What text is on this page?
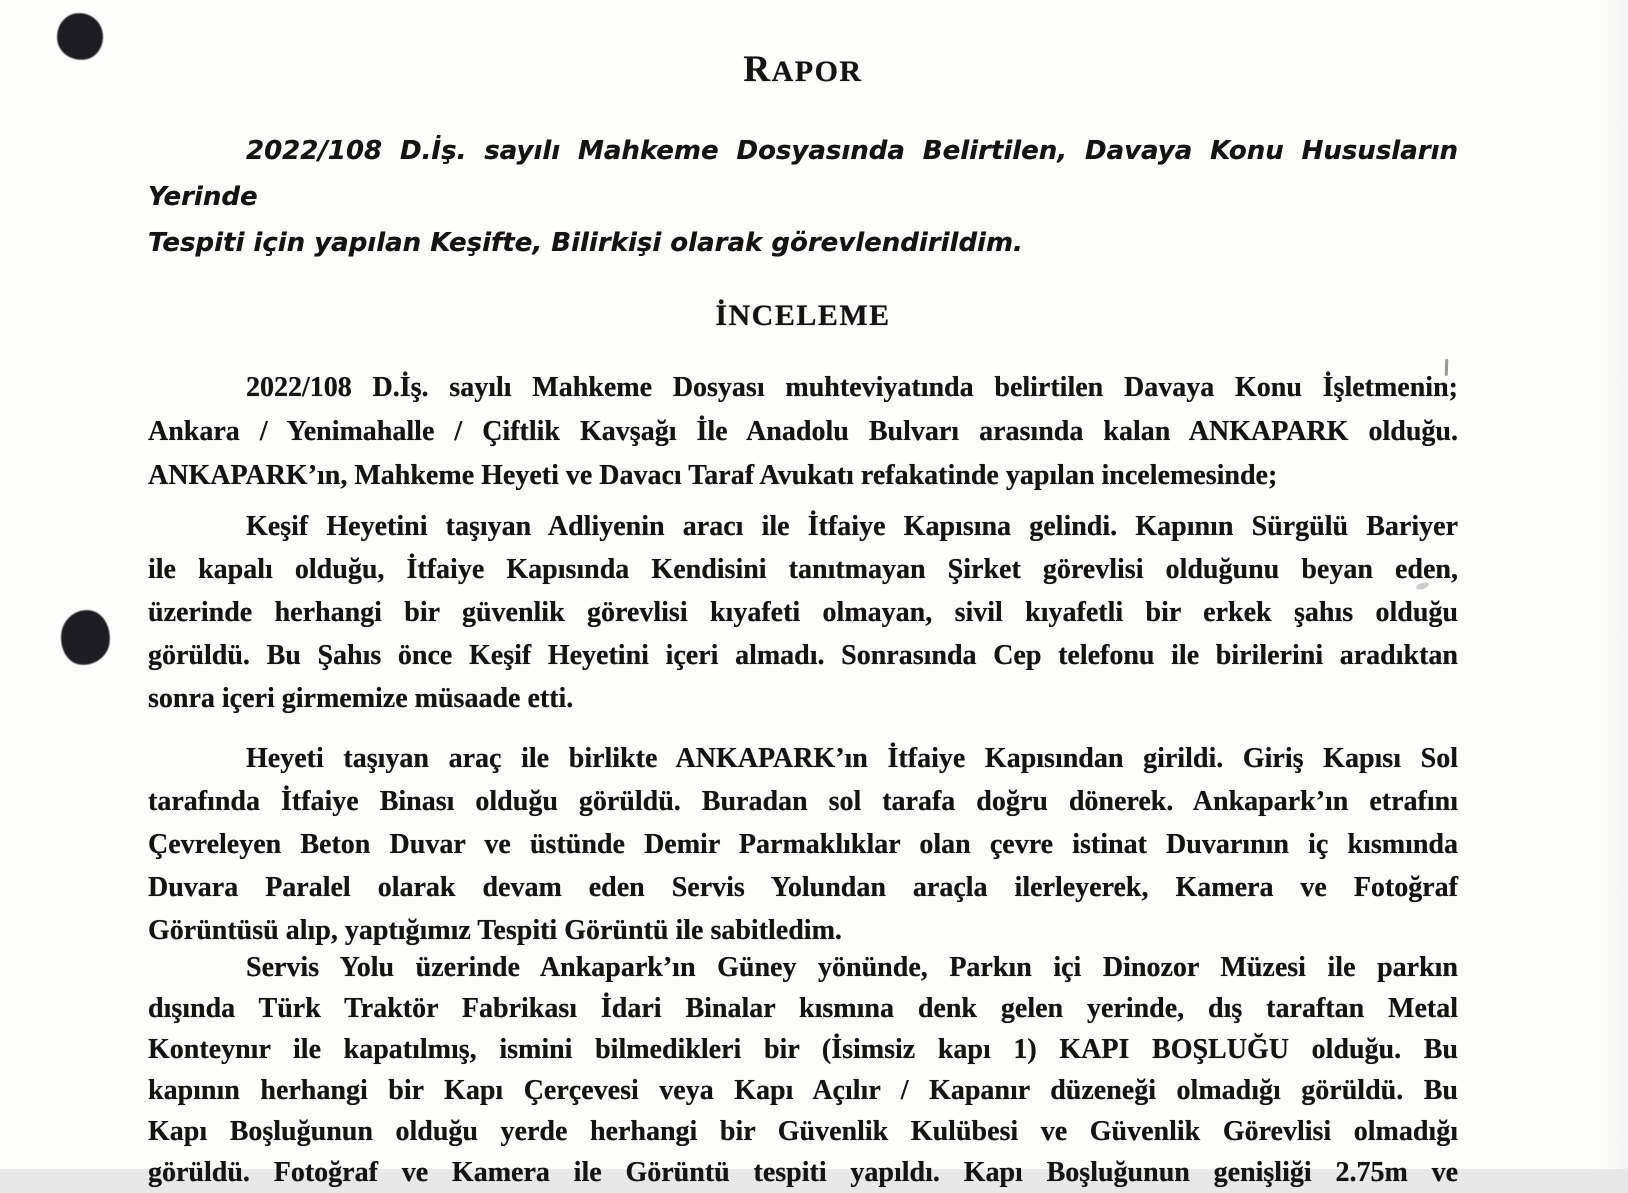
RAPOR
2022/108 D.İş. sayılı Mahkeme Dosyasında Belirtilen, Davaya Konu Hususların Yerinde
Tespiti için yapılan Keşifte, Bilirkişi olarak görevlendirildim.
İNCELEME
2022/108 D.İş. sayılı Mahkeme Dosyası muhteviyatında belirtilen Davaya Konu İşletmenin;
Ankara / Yenimahalle / Çiftlik Kavşağı İle Anadolu Bulvarı arasında kalan ANKAPARK olduğu.
ANKAPARK’ın, Mahkeme Heyeti ve Davacı Taraf Avukatı refakatinde yapılan incelemesinde;
Keşif Heyetini taşıyan Adliyenin aracı ile İtfaiye Kapısına gelindi. Kapının Sürgülü Bariyer
ile kapalı olduğu, İtfaiye Kapısında Kendisini tanıtmayan Şirket görevlisi olduğunu beyan eden,
üzerinde herhangi bir güvenlik görevlisi kıyafeti olmayan, sivil kıyafetli bir erkek şahıs olduğu
görüldü. Bu Şahıs önce Keşif Heyetini içeri almadı. Sonrasında Cep telefonu ile birilerini aradıktan
sonra içeri girmemize müsaade etti.
Heyeti taşıyan araç ile birlikte ANKAPARK’ın İtfaiye Kapısından girildi. Giriş Kapısı Sol
tarafında İtfaiye Binası olduğu görüldü. Buradan sol tarafa doğru dönerek. Ankapark’ın etrafını
Çevreleyen Beton Duvar ve üstünde Demir Parmaklıklar olan çevre istinat Duvarının iç kısmında
Duvara Paralel olarak devam eden Servis Yolundan araçla ilerleyerek, Kamera ve Fotoğraf
Görüntüsü alıp, yaptığımız Tespiti Görüntü ile sabitledim.
Servis Yolu üzerinde Ankapark’ın Güney yönünde, Parkın içi Dinozor Müzesi ile parkın
dışında Türk Traktör Fabrikası İdari Binalar kısmına denk gelen yerinde, dış taraftan Metal
Konteynır ile kapatılmış, ismini bilmedikleri bir (İsimsiz kapı 1) KAPI BOŞLUĞU olduğu. Bu
kapının herhangi bir Kapı Çerçevesi veya Kapı Açılır / Kapanır düzeneği olmadığı görüldü. Bu
Kapı Boşluğunun olduğu yerde herhangi bir Güvenlik Kulübesi ve Güvenlik Görevlisi olmadığı
görüldü. Fotoğraf ve Kamera ile Görüntü tespiti yapıldı. Kapı Boşluğunun genişliği 2.75m ve
